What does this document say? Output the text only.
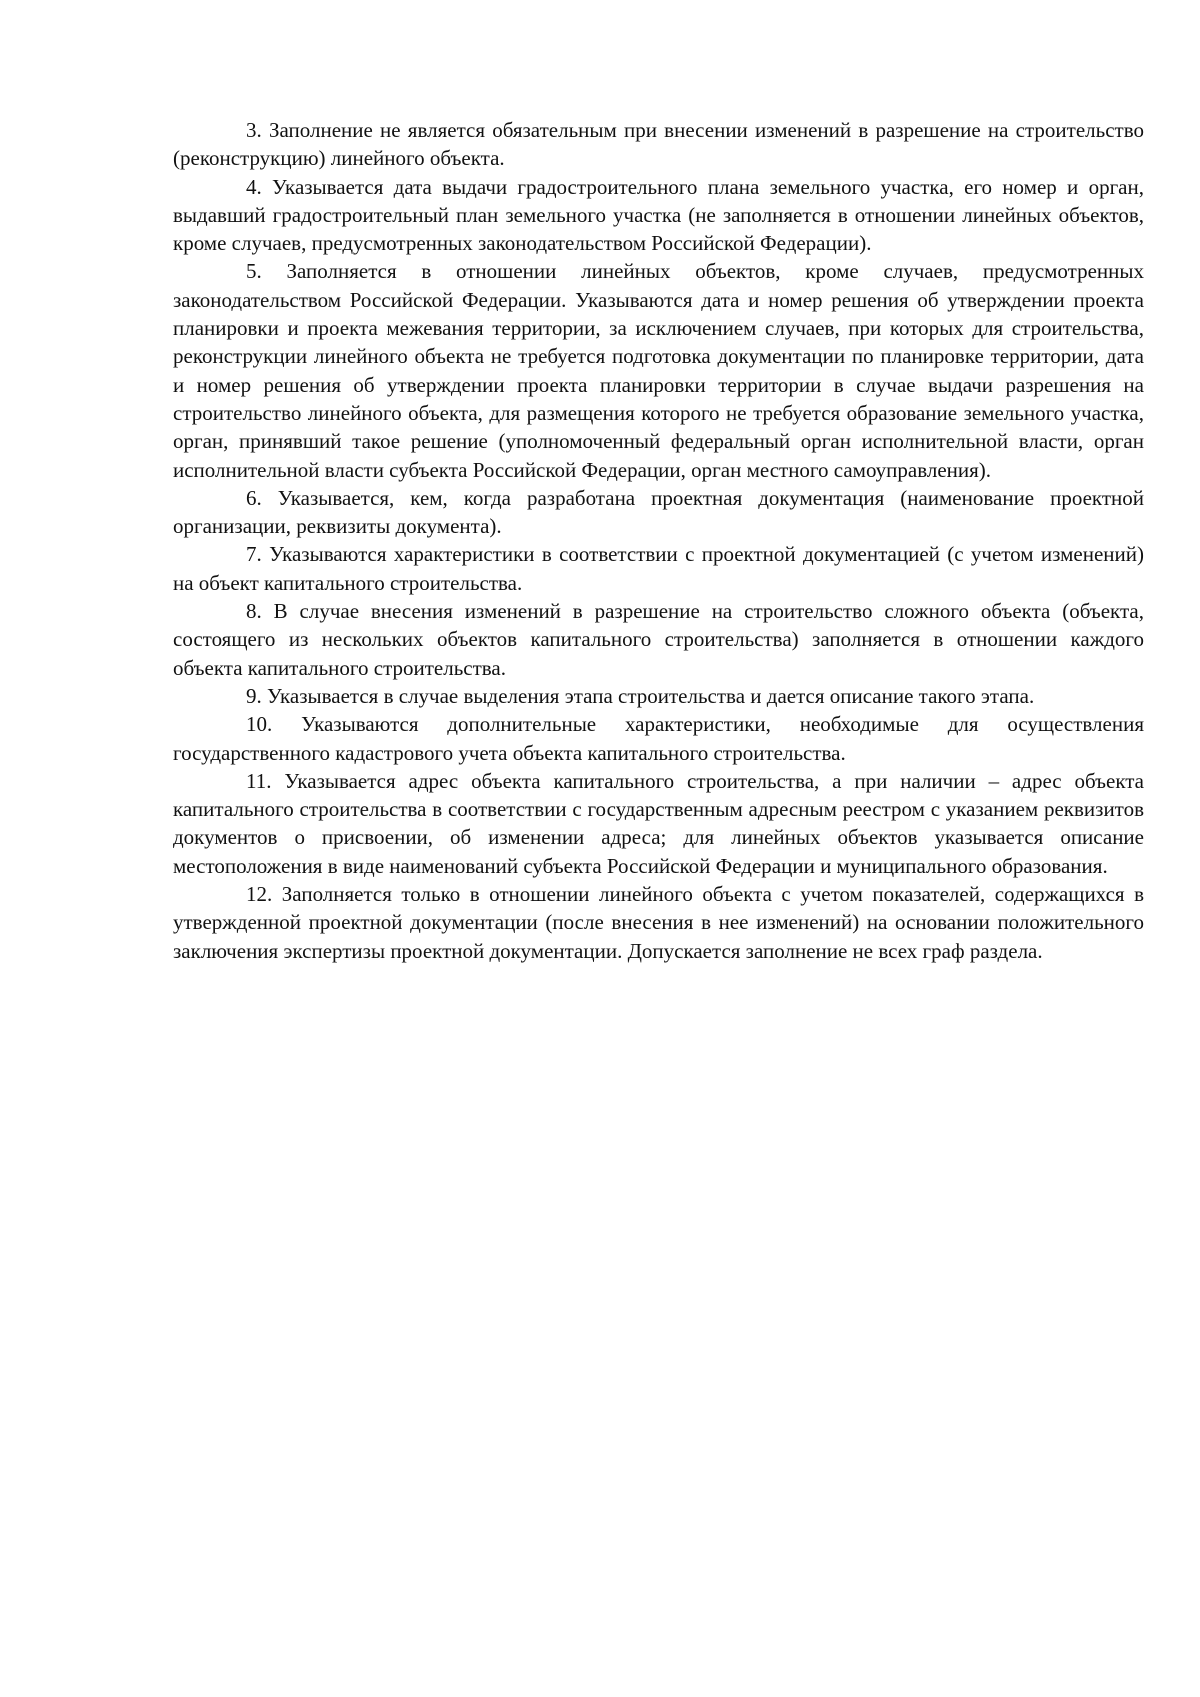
3. Заполнение не является обязательным при внесении изменений в разрешение на строительство (реконструкцию) линейного объекта.

4. Указывается дата выдачи градостроительного плана земельного участка, его номер и орган, выдавший градостроительный план земельного участка (не заполняется в отношении линейных объектов, кроме случаев, предусмотренных законодательством Российской Федерации).

5. Заполняется в отношении линейных объектов, кроме случаев, предусмотренных законодательством Российской Федерации. Указываются дата и номер решения об утверждении проекта планировки и проекта межевания территории, за исключением случаев, при которых для строительства, реконструкции линейного объекта не требуется подготовка документации по планировке территории, дата и номер решения об утверждении проекта планировки территории в случае выдачи разрешения на строительство линейного объекта, для размещения которого не требуется образование земельного участка, орган, принявший такое решение (уполномоченный федеральный орган исполнительной власти, орган исполнительной власти субъекта Российской Федерации, орган местного самоуправления).

6. Указывается, кем, когда разработана проектная документация (наименование проектной организации, реквизиты документа).

7. Указываются характеристики в соответствии с проектной документацией (с учетом изменений) на объект капитального строительства.

8. В случае внесения изменений в разрешение на строительство сложного объекта (объекта, состоящего из нескольких объектов капитального строительства) заполняется в отношении каждого объекта капитального строительства.

9. Указывается в случае выделения этапа строительства и дается описание такого этапа.

10. Указываются дополнительные характеристики, необходимые для осуществления государственного кадастрового учета объекта капитального строительства.

11. Указывается адрес объекта капитального строительства, а при наличии – адрес объекта капитального строительства в соответствии с государственным адресным реестром с указанием реквизитов документов о присвоении, об изменении адреса; для линейных объектов указывается описание местоположения в виде наименований субъекта Российской Федерации и муниципального образования.

12. Заполняется только в отношении линейного объекта с учетом показателей, содержащихся в утвержденной проектной документации (после внесения в нее изменений) на основании положительного заключения экспертизы проектной документации. Допускается заполнение не всех граф раздела.
